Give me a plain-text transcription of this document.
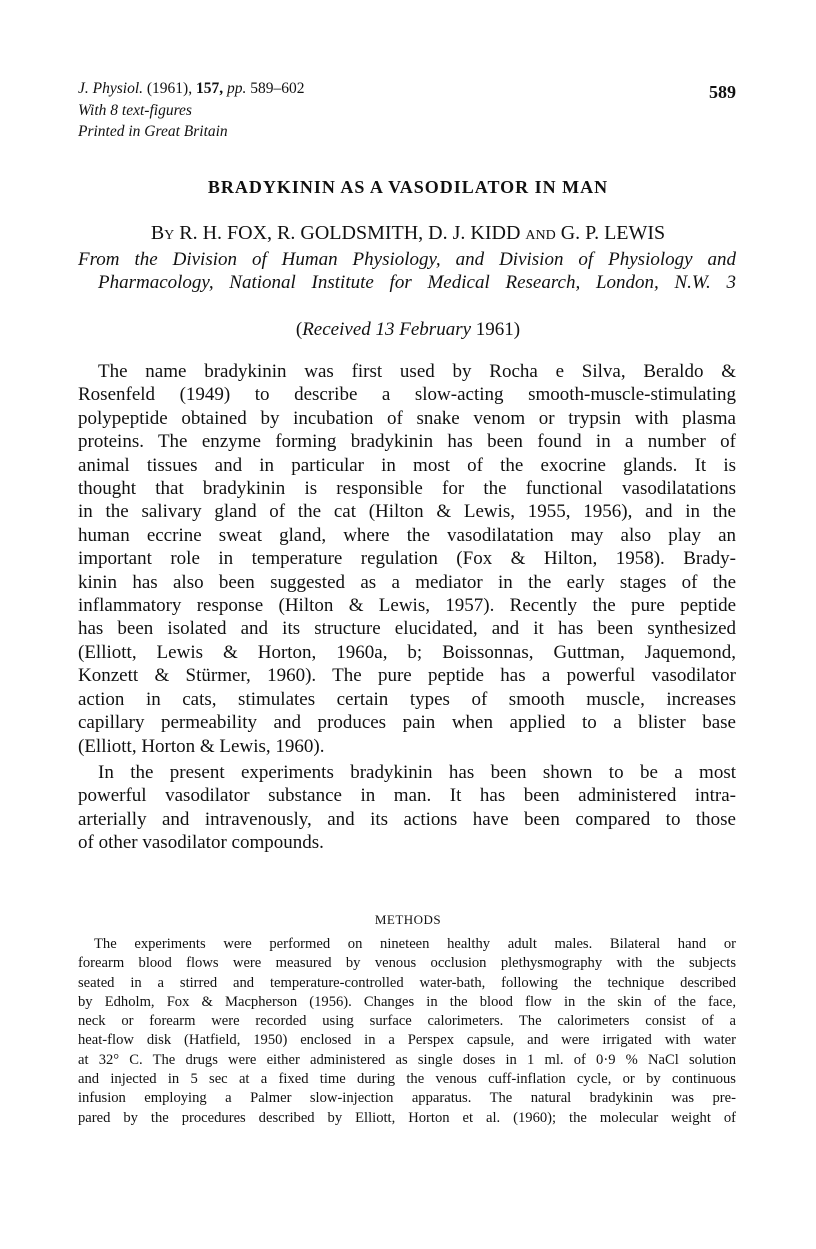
J. Physiol. (1961), 157, pp. 589–602
With 8 text-figures
Printed in Great Britain
589
BRADYKININ AS A VASODILATOR IN MAN
By R. H. FOX, R. GOLDSMITH, D. J. KIDD AND G. P. LEWIS
From the Division of Human Physiology, and Division of Physiology and
Pharmacology, National Institute for Medical Research, London, N.W. 3
(Received 13 February 1961)
The name bradykinin was first used by Rocha e Silva, Beraldo &
Rosenfeld (1949) to describe a slow-acting smooth-muscle-stimulating
polypeptide obtained by incubation of snake venom or trypsin with plasma
proteins. The enzyme forming bradykinin has been found in a number of
animal tissues and in particular in most of the exocrine glands. It is
thought that bradykinin is responsible for the functional vasodilatations
in the salivary gland of the cat (Hilton & Lewis, 1955, 1956), and in the
human eccrine sweat gland, where the vasodilatation may also play an
important role in temperature regulation (Fox & Hilton, 1958). Brady-
kinin has also been suggested as a mediator in the early stages of the
inflammatory response (Hilton & Lewis, 1957). Recently the pure peptide
has been isolated and its structure elucidated, and it has been synthesized
(Elliott, Lewis & Horton, 1960a, b; Boissonnas, Guttman, Jaquemond,
Konzett & Stürmer, 1960). The pure peptide has a powerful vasodilator
action in cats, stimulates certain types of smooth muscle, increases
capillary permeability and produces pain when applied to a blister base
(Elliott, Horton & Lewis, 1960).
In the present experiments bradykinin has been shown to be a most
powerful vasodilator substance in man. It has been administered intra-
arterially and intravenously, and its actions have been compared to those
of other vasodilator compounds.
METHODS
The experiments were performed on nineteen healthy adult males. Bilateral hand or
forearm blood flows were measured by venous occlusion plethysmography with the subjects
seated in a stirred and temperature-controlled water-bath, following the technique described
by Edholm, Fox & Macpherson (1956). Changes in the blood flow in the skin of the face,
neck or forearm were recorded using surface calorimeters. The calorimeters consist of a
heat-flow disk (Hatfield, 1950) enclosed in a Perspex capsule, and were irrigated with water
at 32° C. The drugs were either administered as single doses in 1 ml. of 0·9 % NaCl solution
and injected in 5 sec at a fixed time during the venous cuff-inflation cycle, or by continuous
infusion employing a Palmer slow-injection apparatus. The natural bradykinin was pre-
pared by the procedures described by Elliott, Horton et al. (1960); the molecular weight of
